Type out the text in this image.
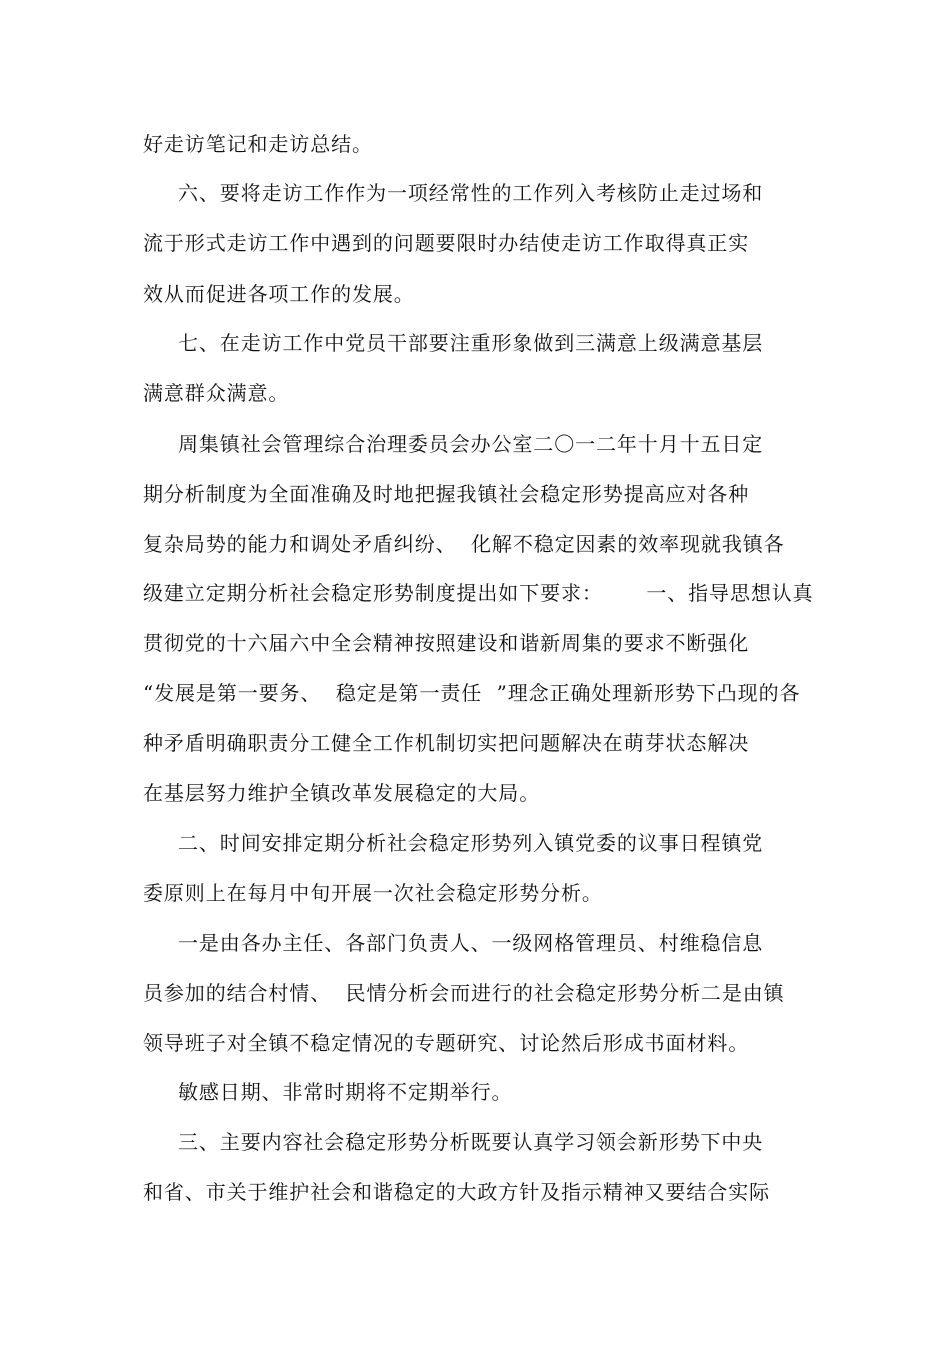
好走访笔记和走访总结。
六、要将走访工作作为一项经常性的工作列入考核防止走过场和
流于形式走访工作中遇到的问题要限时办结使走访工作取得真正实
效从而促进各项工作的发展。
七、在走访工作中党员干部要注重形象做到三满意上级满意基层
满意群众满意。
周集镇社会管理综合治理委员会办公室二〇一二年十月十五日定
期分析制度为全面准确及时地把握我镇社会稳定形势提高应对各种
复杂局势的能力和调处矛盾纠纷、  化解不稳定因素的效率现就我镇各
级建立定期分析社会稳定形势制度提出如下要求：      一、指导思想认真
贯彻党的十六届六中全会精神按照建设和谐新周集的要求不断强化
“发展是第一要务、  稳定是第一责任  ”理念正确处理新形势下凸现的各
种矛盾明确职责分工健全工作机制切实把问题解决在萌芽状态解决
在基层努力维护全镇改革发展稳定的大局。
二、时间安排定期分析社会稳定形势列入镇党委的议事日程镇党
委原则上在每月中旬开展一次社会稳定形势分析。
一是由各办主任、各部门负责人、一级网格管理员、村维稳信息
员参加的结合村情、  民情分析会而进行的社会稳定形势分析二是由镇
领导班子对全镇不稳定情况的专题研究、讨论然后形成书面材料。
敏感日期、非常时期将不定期举行。
三、主要内容社会稳定形势分析既要认真学习领会新形势下中央
和省、市关于维护社会和谐稳定的大政方针及指示精神又要结合实际
